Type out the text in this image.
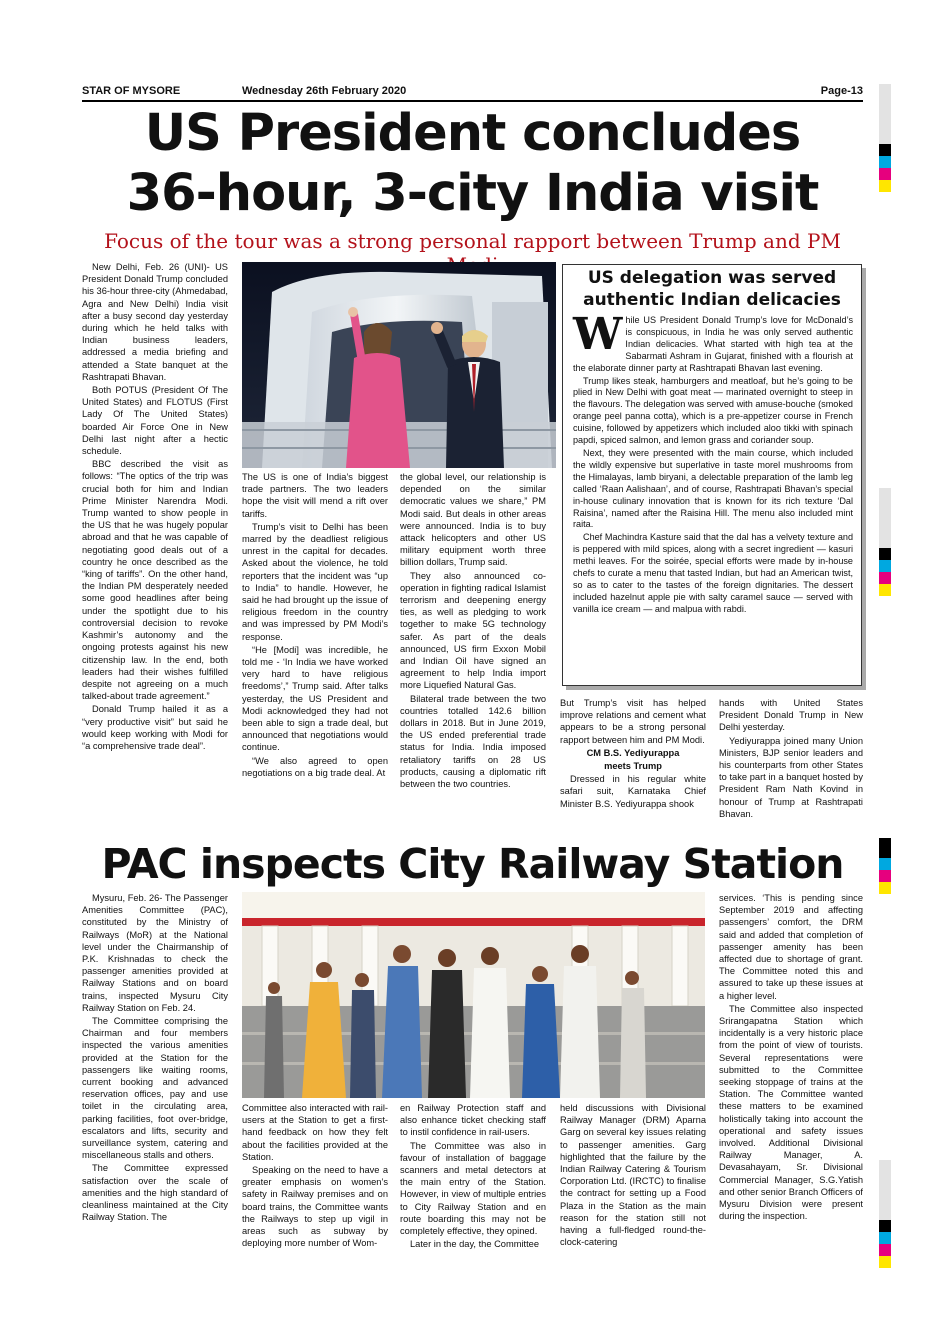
STAR OF MYSORE	Wednesday 26th February 2020	Page-13
US President concludes
36-hour, 3-city India visit
Focus of the tour was a strong personal rapport between Trump and PM

New Delhi, Feb. 26 (UNI)- US President Donald Trump concluded his 36-hour three-city (Ahmedabad, Agra and New Delhi) India visit after a busy second day yesterday during which he held talks with Indian business leaders, addressed a media briefing and attended a State banquet at the Rashtrapati Bhavan.

Both POTUS (President Of The United States) and FLOTUS (First Lady Of The United States) boarded Air Force One in New Delhi last night after a hectic schedule.

BBC described the visit as follows: “The optics of the trip was crucial both for him and Indian Prime Minister Narendra Modi. Trump wanted to show people in the US that he was hugely popular abroad and that he was capable of negotiating good deals out of a country he once described as the “king of tariffs”. On the other hand, the Indian PM desperately needed some good headlines after being under the spotlight due to his controversial decision to revoke Kashmir’s autonomy and the ongoing protests against his new citizenship law. In the end, both leaders had their wishes fulfilled despite not agreeing on a much talked-about trade agreement.”

Donald Trump hailed it as a “very productive visit” but said he would keep working with Modi for “a comprehensive trade deal”.

The US is one of India’s biggest trade partners. The two leaders hope the visit will mend a rift over tariffs.

Trump’s visit to Delhi has been marred by the deadliest religious unrest in the capital for decades. Asked about the violence, he told reporters that the incident was “up to India” to handle. However, he said he had brought up the issue of religious freedom in the country and was impressed by PM Modi’s response.

“He [Modi] was incredible, he told me - ‘In India we have worked very hard to have religious freedoms’,” Trump said. After talks yesterday, the US President and Modi acknowledged they had not been able to sign a trade deal, but announced that negotiations would continue.

“We also agreed to open negotiations on a big trade deal. At

the global level, our relationship is depended on the similar democratic values we share,” PM Modi said. But deals in other areas were announced. India is to buy attack helicopters and other US military equipment worth three billion dollars, Trump said.

They also announced co-operation in fighting radical Islamist terrorism and deepening energy ties, as well as pledging to work together to make 5G technology safer. As part of the deals announced, US firm Exxon Mobil and Indian Oil have signed an agreement to help India import more Liquefied Natural Gas.

Bilateral trade between the two countries totalled 142.6 billion dollars in 2018. But in June 2019, the US ended preferential trade status for India. India imposed retaliatory tariffs on 28 US products, causing a diplomatic rift between the two countries.

US delegation was served
authentic Indian delicacies
W hile US President Donald Trump’s love for McDonald’s is conspicuous, in India he was only served authentic Indian delicacies. What started with high tea at the Sabarmati Ashram in Gujarat, finished with a flourish at the elaborate dinner party at Rashtrapati Bhavan last evening.

Trump likes steak, hamburgers and meatloaf, but he’s going to be plied in New Delhi with goat meat — marinated overnight to steep in the flavours. The delegation was served with amuse-bouche (smoked orange peel panna cotta), which is a pre-appetizer course in French cuisine, followed by appetizers which included aloo tikki with spinach papdi, spiced salmon, and lemon grass and coriander soup.

Next, they were presented with the main course, which included the wildly expensive but superlative in taste morel mushrooms from the Himalayas, lamb biryani, a delectable preparation of the lamb leg called ‘Raan Aalishaan’, and of course, Rashtrapati Bhavan’s special in-house culinary innovation that is known for its rich texture ‘Dal Raisina’, named after the Raisina Hill. The menu also included mint raita.

Chef Machindra Kasture said that the dal has a velvety texture and is peppered with mild spices, along with a secret ingredient — kasuri methi leaves. For the soirée, special efforts were made by in-house chefs to curate a menu that tasted Indian, but had an American twist, so as to cater to the tastes of the foreign dignitaries. The dessert included hazelnut apple pie with salty caramel sauce — served with vanilla ice cream — and malpua with rabdi.

But Trump’s visit has helped improve relations and cement what appears to be a strong personal rapport between him and PM Modi.

CM B.S. Yediyurappa

meets Trump

Dressed in his regular white safari suit, Karnataka Chief Minister B.S. Yediyurappa shook

hands with United States President Donald Trump in New Delhi yesterday.

Yediyurappa joined many Union Ministers, BJP senior leaders and his counterparts from other States to take part in a banquet hosted by President Ram Nath Kovind in honour of Trump at Rashtrapati Bhavan.

PAC inspects City Railway Station

Mysuru, Feb. 26- The Passenger Amenities Committee (PAC), constituted by the Ministry of Railways (MoR) at the National level under the Chairmanship of P.K. Krishnadas to check the passenger amenities provided at Railway Stations and on board trains, inspected Mysuru City Railway Station on Feb. 24.

The Committee comprising the Chairman and four members inspected the various amenities provided at the Station for the passengers like waiting rooms, current booking and advanced reservation offices, pay and use toilet in the circulating area, parking facilities, foot over-bridge, escalators and lifts, security and surveillance system, catering and miscellaneous stalls and others.

The Committee expressed satisfaction over the scale of amenities and the high standard of cleanliness maintained at the City Railway Station. The

Committee also interacted with rail-users at the Station to get a first-hand feedback on how they felt about the facilities provided at the Station.

Speaking on the need to have a greater emphasis on women’s safety in Railway premises and on board trains, the Committee wants the Railways to step up vigil in areas such as subway by deploying more number of Wom-

en Railway Protection staff and also enhance ticket checking staff to instil confidence in rail-users.

The Committee was also in favour of installation of baggage scanners and metal detectors at the main entry of the Station. However, in view of multiple entries to City Railway Station and en route boarding this may not be completely effective, they opined.

Later in the day, the Committee

held discussions with Divisional Railway Manager (DRM) Aparna Garg on several key issues relating to passenger amenities. Garg highlighted that the failure by the Indian Railway Catering & Tourism Corporation Ltd. (IRCTC) to finalise the contract for setting up a Food Plaza in the Station as the main reason for the station still not having a full-fledged round-the-clock-catering

services. ‘This is pending since September 2019 and affecting passengers’ comfort, the DRM said and added that completion of passenger amenity has been affected due to shortage of grant. The Committee noted this and assured to take up these issues at a higher level.

The Committee also inspected Srirangapatna Station which incidentally is a very historic place from the point of view of tourists. Several representations were submitted to the Committee seeking stoppage of trains at the Station. The Committee wanted these matters to be examined holistically taking into account the operational and safety issues involved. Additional Divisional Railway Manager, A. Devasahayam, Sr. Divisional Commercial Manager, S.G.Yatish and other senior Branch Officers of Mysuru Division were present during the inspection.
